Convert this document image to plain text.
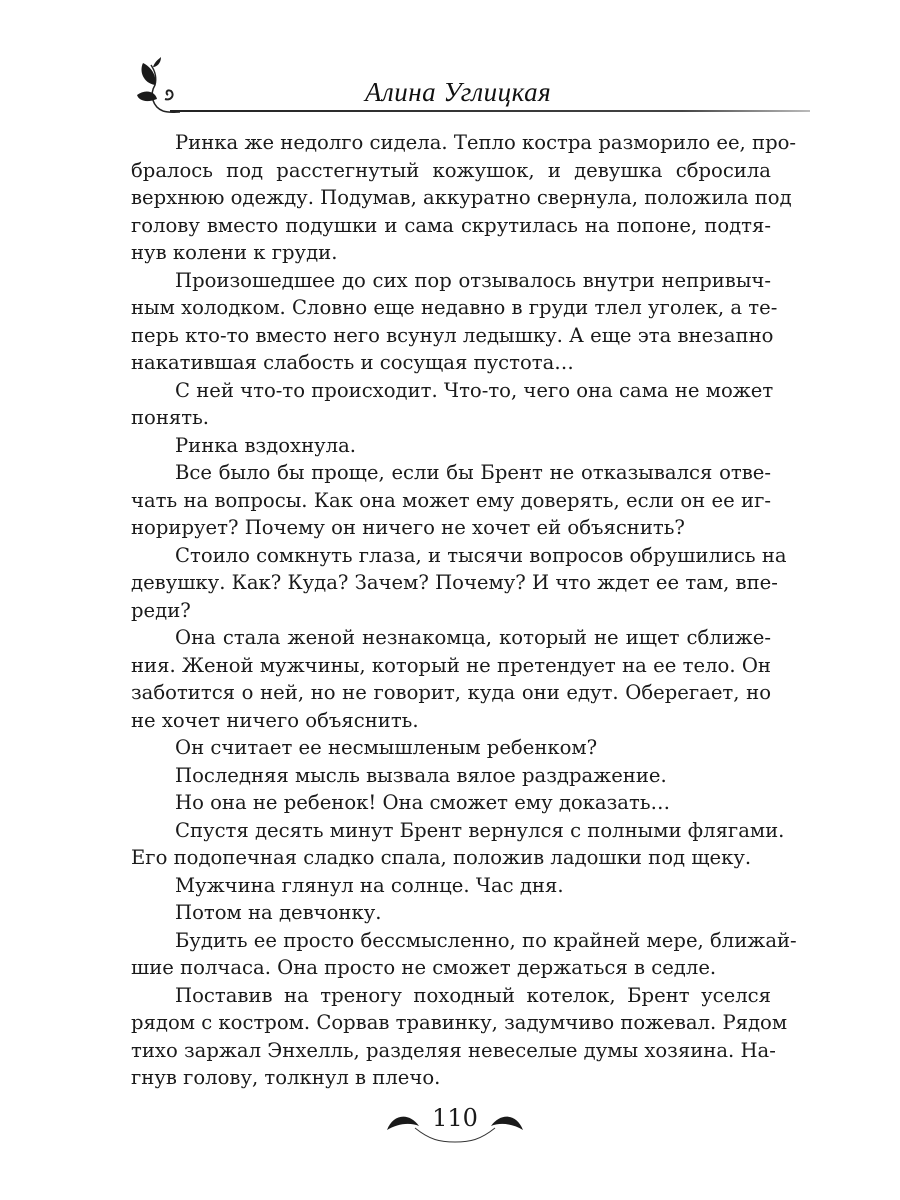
Алина Углицкая
Ринка же недолго сидела. Тепло костра разморило ее, про-
бралось под расстегнутый кожушок, и девушка сбросила
верхнюю одежду. Подумав, аккуратно свернула, положила под
голову вместо подушки и сама скрутилась на попоне, подтя-
нув колени к груди.
Произошедшее до сих пор отзывалось внутри непривыч-
ным холодком. Словно еще недавно в груди тлел уголек, а те-
перь кто-то вместо него всунул ледышку. А еще эта внезапно
накатившая слабость и сосущая пустота…
С ней что-то происходит. Что-то, чего она сама не может
понять.
Ринка вздохнула.
Все было бы проще, если бы Брент не отказывался отве-
чать на вопросы. Как она может ему доверять, если он ее иг-
норирует? Почему он ничего не хочет ей объяснить?
Стоило сомкнуть глаза, и тысячи вопросов обрушились на
девушку. Как? Куда? Зачем? Почему? И что ждет ее там, впе-
реди?
Она стала женой незнакомца, который не ищет сближе-
ния. Женой мужчины, который не претендует на ее тело. Он
заботится о ней, но не говорит, куда они едут. Оберегает, но
не хочет ничего объяснить.
Он считает ее несмышленым ребенком?
Последняя мысль вызвала вялое раздражение.
Но она не ребенок! Она сможет ему доказать…
Спустя десять минут Брент вернулся с полными флягами.
Его подопечная сладко спала, положив ладошки под щеку.
Мужчина глянул на солнце. Час дня.
Потом на девчонку.
Будить ее просто бессмысленно, по крайней мере, ближай-
шие полчаса. Она просто не сможет держаться в седле.
Поставив на треногу походный котелок, Брент уселся
рядом с костром. Сорвав травинку, задумчиво пожевал. Рядом
тихо заржал Энхелль, разделяя невеселые думы хозяина. На-
гнув голову, толкнул в плечо.
110
